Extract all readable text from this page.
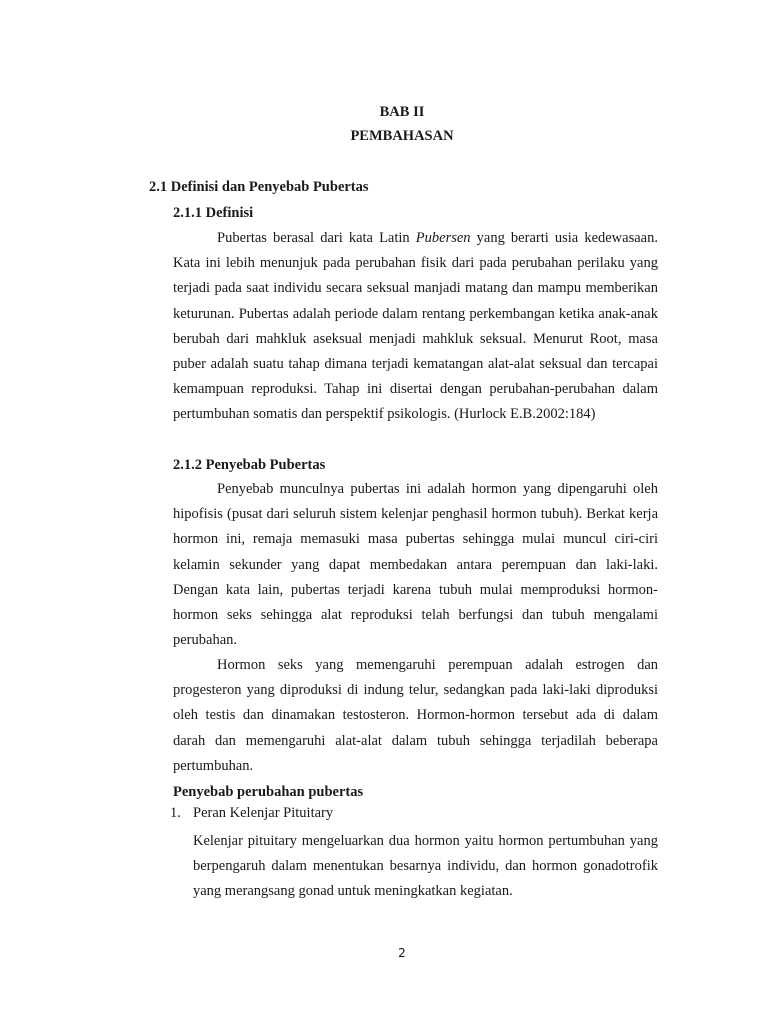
BAB II
PEMBAHASAN
2.1 Definisi dan Penyebab Pubertas
2.1.1 Definisi

Pubertas berasal dari kata Latin Pubersen yang berarti usia kedewasaan. Kata ini lebih menunjuk pada perubahan fisik dari pada perubahan perilaku yang terjadi pada saat individu secara seksual manjadi matang dan mampu memberikan keturunan. Pubertas adalah periode dalam rentang perkembangan ketika anak-anak berubah dari mahkluk aseksual menjadi mahkluk seksual. Menurut Root, masa puber adalah suatu tahap dimana terjadi kematangan alat-alat seksual dan tercapai kemampuan reproduksi. Tahap ini disertai dengan perubahan-perubahan dalam pertumbuhan somatis dan perspektif psikologis. (Hurlock E.B.2002:184)

2.1.2 Penyebab Pubertas

Penyebab munculnya pubertas ini adalah hormon yang dipengaruhi oleh hipofisis (pusat dari seluruh sistem kelenjar penghasil hormon tubuh). Berkat kerja hormon ini, remaja memasuki masa pubertas sehingga mulai muncul ciri-ciri kelamin sekunder yang dapat membedakan antara perempuan dan laki-laki. Dengan kata lain, pubertas terjadi karena tubuh mulai memproduksi hormon-hormon seks sehingga alat reproduksi telah berfungsi dan tubuh mengalami perubahan.

Hormon seks yang memengaruhi perempuan adalah estrogen dan progesteron yang diproduksi di indung telur, sedangkan pada laki-laki diproduksi oleh testis dan dinamakan testosteron. Hormon-hormon tersebut ada di dalam darah dan memengaruhi alat-alat dalam tubuh sehingga terjadilah beberapa pertumbuhan.

Penyebab perubahan pubertas
1. Peran Kelenjar Pituitary

Kelenjar pituitary mengeluarkan dua hormon yaitu hormon pertumbuhan yang berpengaruh dalam menentukan besarnya individu, dan hormon gonadotrofik yang merangsang gonad untuk meningkatkan kegiatan.

2
